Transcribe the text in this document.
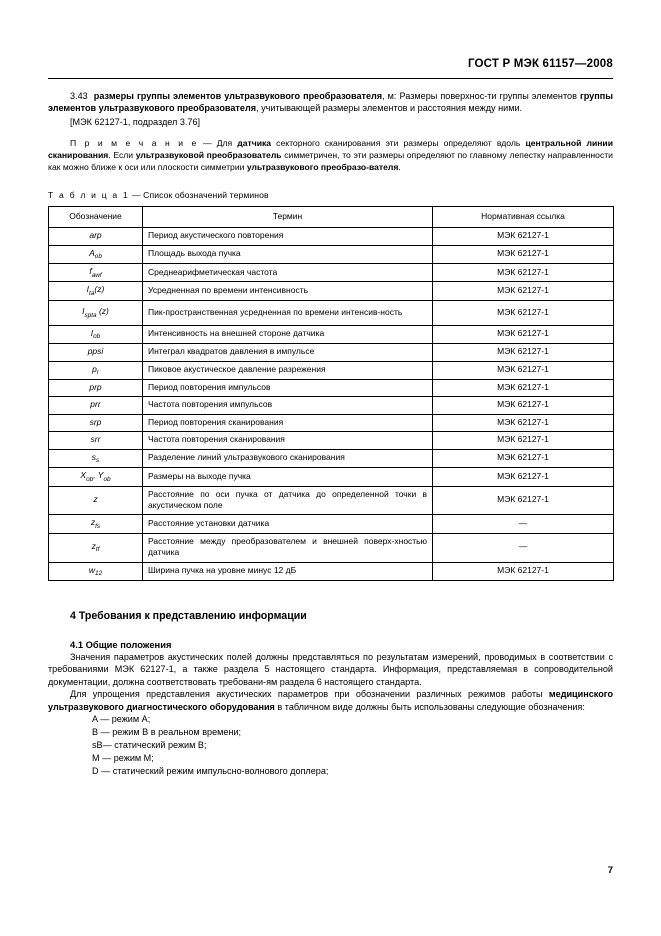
ГОСТ Р МЭК 61157—2008

3.43 размеры группы элементов ультразвукового преобразователя, м: Размеры поверхнос-ти группы элементов группы элементов ультразвукового преобразователя, учитывающей размеры элементов и расстояния между ними.

[МЭК 62127-1, подраздел 3.76]

П р и м е ч а н и е — Для датчика секторного сканирования эти размеры определяют вдоль центральной линии сканирования. Если ультразвуковой преобразователь симметричен, то эти размеры определяют по главному лепестку направленности как можно ближе к оси или плоскости симметрии ультразвукового преобразо-вателя.

Т а б л и ц а 1 — Список обозначений терминов
Обозначение	Термин	Нормативная ссылка
arp	Период акустического повторения	МЭК 62127-1
$A_{ob}$	Площадь выхода пучка	МЭК 62127-1
$f_{awf}$	Среднеарифметическая частота	МЭК 62127-1
$I_{ta}(z)$	Усредненная по времени интенсивность	МЭК 62127-1
$I_{spta}$ (z)	Пик-пространственная усредненная по времени интенсив-ность	МЭК 62127-1
$I_{ob}$	Интенсивность на внешней стороне датчика	МЭК 62127-1
ppsi	Интеграл квадратов давления в импульсе	МЭК 62127-1
$p_r$	Пиковое акустическое давление разрежения	МЭК 62127-1
prp	Период повторения импульсов	МЭК 62127-1
prr	Частота повторения импульсов	МЭК 62127-1
srp	Период повторения сканирования	МЭК 62127-1
srr	Частота повторения сканирования	МЭК 62127-1
$s_s$	Разделение линий ультразвукового сканирования	МЭК 62127-1
$X_{ob}$, $Y_{ob}$	Размеры на выходе пучка	МЭК 62127-1
z	Расстояние по оси пучка от датчика до определенной точки в акустическом поле	МЭК 62127-1
$z_{fs}$	Расстояние установки датчика	—
$z_{tf}$	Расстояние между преобразователем и внешней поверх-хностью датчика	—
$w_{12}$	Ширина пучка на уровне минус 12 дБ	МЭК 62127-1
4 Требования к представлению информации
4.1 Общие положения

Значения параметров акустических полей должны представляться по результатам измерений, проводимых в соответствии с требованиями МЭК 62127-1, а также раздела 5 настоящего стандарта. Информация, представляемая в сопроводительной документации, должна соответствовать требовани-ям раздела 6 настоящего стандарта.

Для упрощения представления акустических параметров при обозначении различных режимов работы медицинского ультразвукового диагностического оборудования в табличном виде должны быть использованы следующие обозначения:

A — режим A;
B — режим B в реальном времени;
sB— статический режим B;
M — режим M;
D — статический режим импульсно-волнового доплера;
7
